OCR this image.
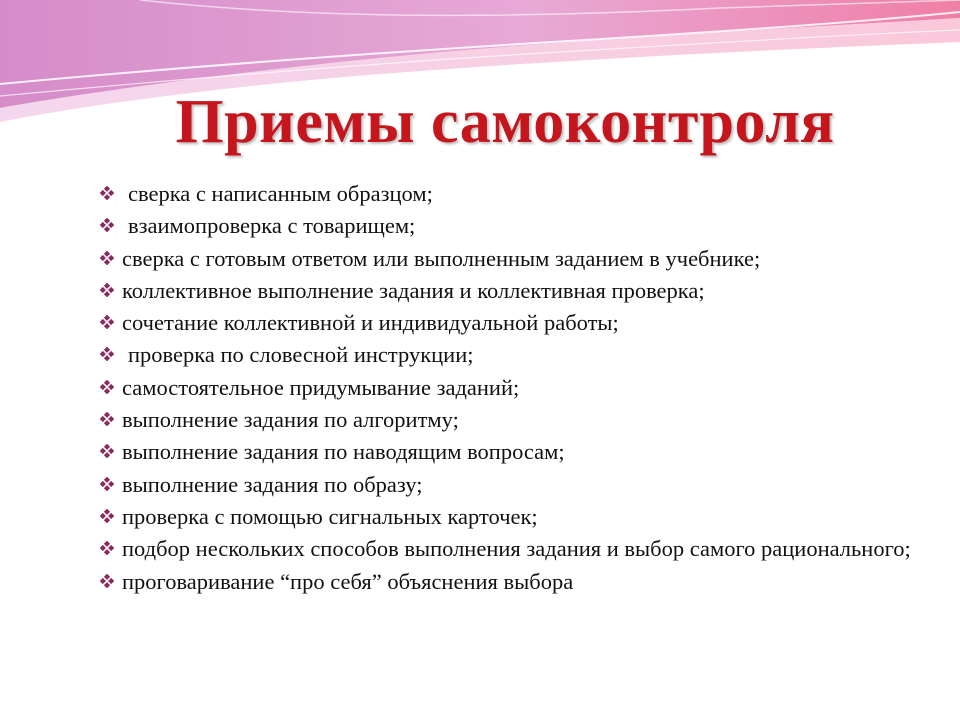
Приемы самоконтроля
сверка с написанным образцом;
взаимопроверка с товарищем;
сверка с готовым ответом или выполненным заданием в учебнике;
коллективное выполнение задания и коллективная проверка;
сочетание коллективной и индивидуальной работы;
проверка по словесной инструкции;
самостоятельное придумывание заданий;
выполнение задания по алгоритму;
выполнение задания по наводящим вопросам;
выполнение задания по образу;
проверка с помощью сигнальных карточек;
подбор нескольких способов выполнения задания и выбор самого рационального;
проговаривание “про себя” объяснения выбора
